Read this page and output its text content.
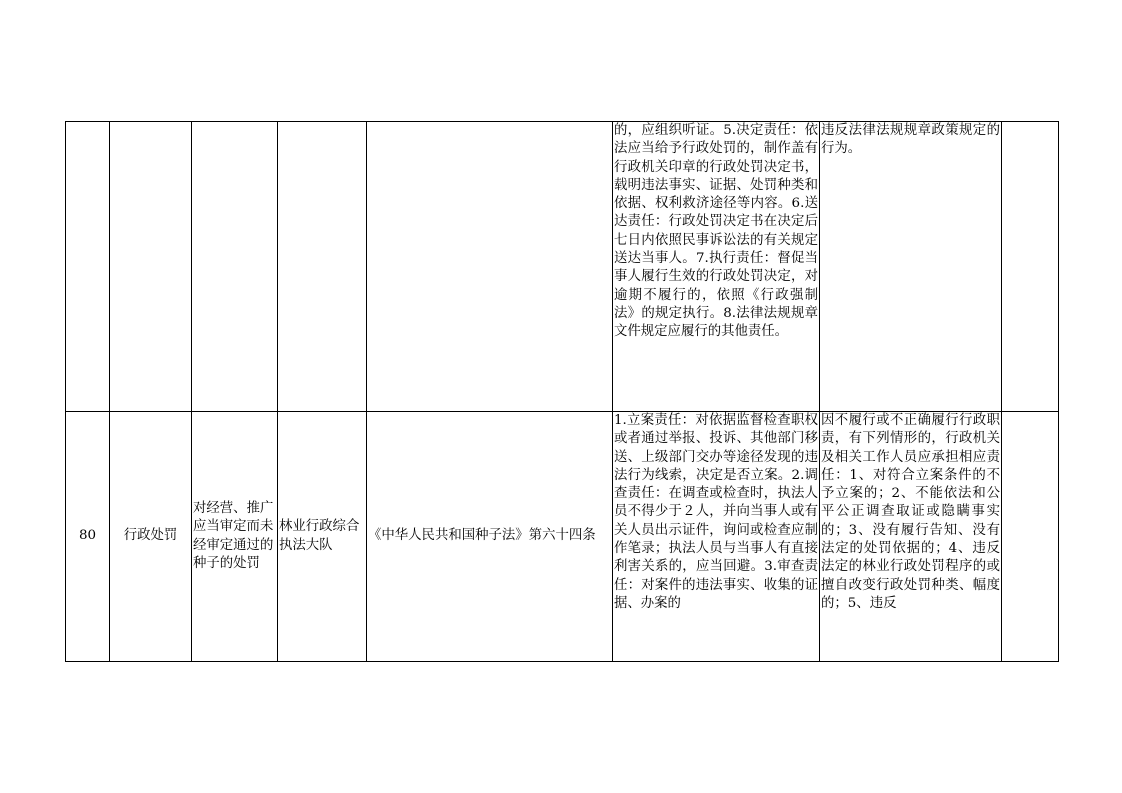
					的，应组织听证。5.决定责任：依法应当给予行政处罚的，制作盖有行政机关印章的行政处罚决定书，载明违法事实、证据、处罚种类和依据、权利救济途径等内容。6.送达责任：行政处罚决定书在决定后七日内依照民事诉讼法的有关规定送达当事人。7.执行责任：督促当事人履行生效的行政处罚决定，对逾期不履行的，依照《行政强制法》的规定执行。8.法律法规规章文件规定应履行的其他责任。	违反法律法规规章政策规定的行为。	
80	行政处罚	对经营、推广应当审定而未经审定通过的种子的处罚	林业行政综合执法大队	《中华人民共和国种子法》第六十四条	1.立案责任：对依据监督检查职权或者通过举报、投诉、其他部门移送、上级部门交办等途径发现的违法行为线索，决定是否立案。2.调查责任：在调查或检查时，执法人员不得少于２人，并向当事人或有关人员出示证件，询问或检查应制作笔录；执法人员与当事人有直接利害关系的，应当回避。3.审查责任：对案件的违法事实、收集的证据、办案的	因不履行或不正确履行行政职责，有下列情形的，行政机关及相关工作人员应承担相应责任：1、对符合立案条件的不予立案的；2、不能依法和公平公正调查取证或隐瞒事实的；3、没有履行告知、没有法定的处罚依据的；4、违反法定的林业行政处罚程序的或擅自改变行政处罚种类、幅度的；5、违反	
